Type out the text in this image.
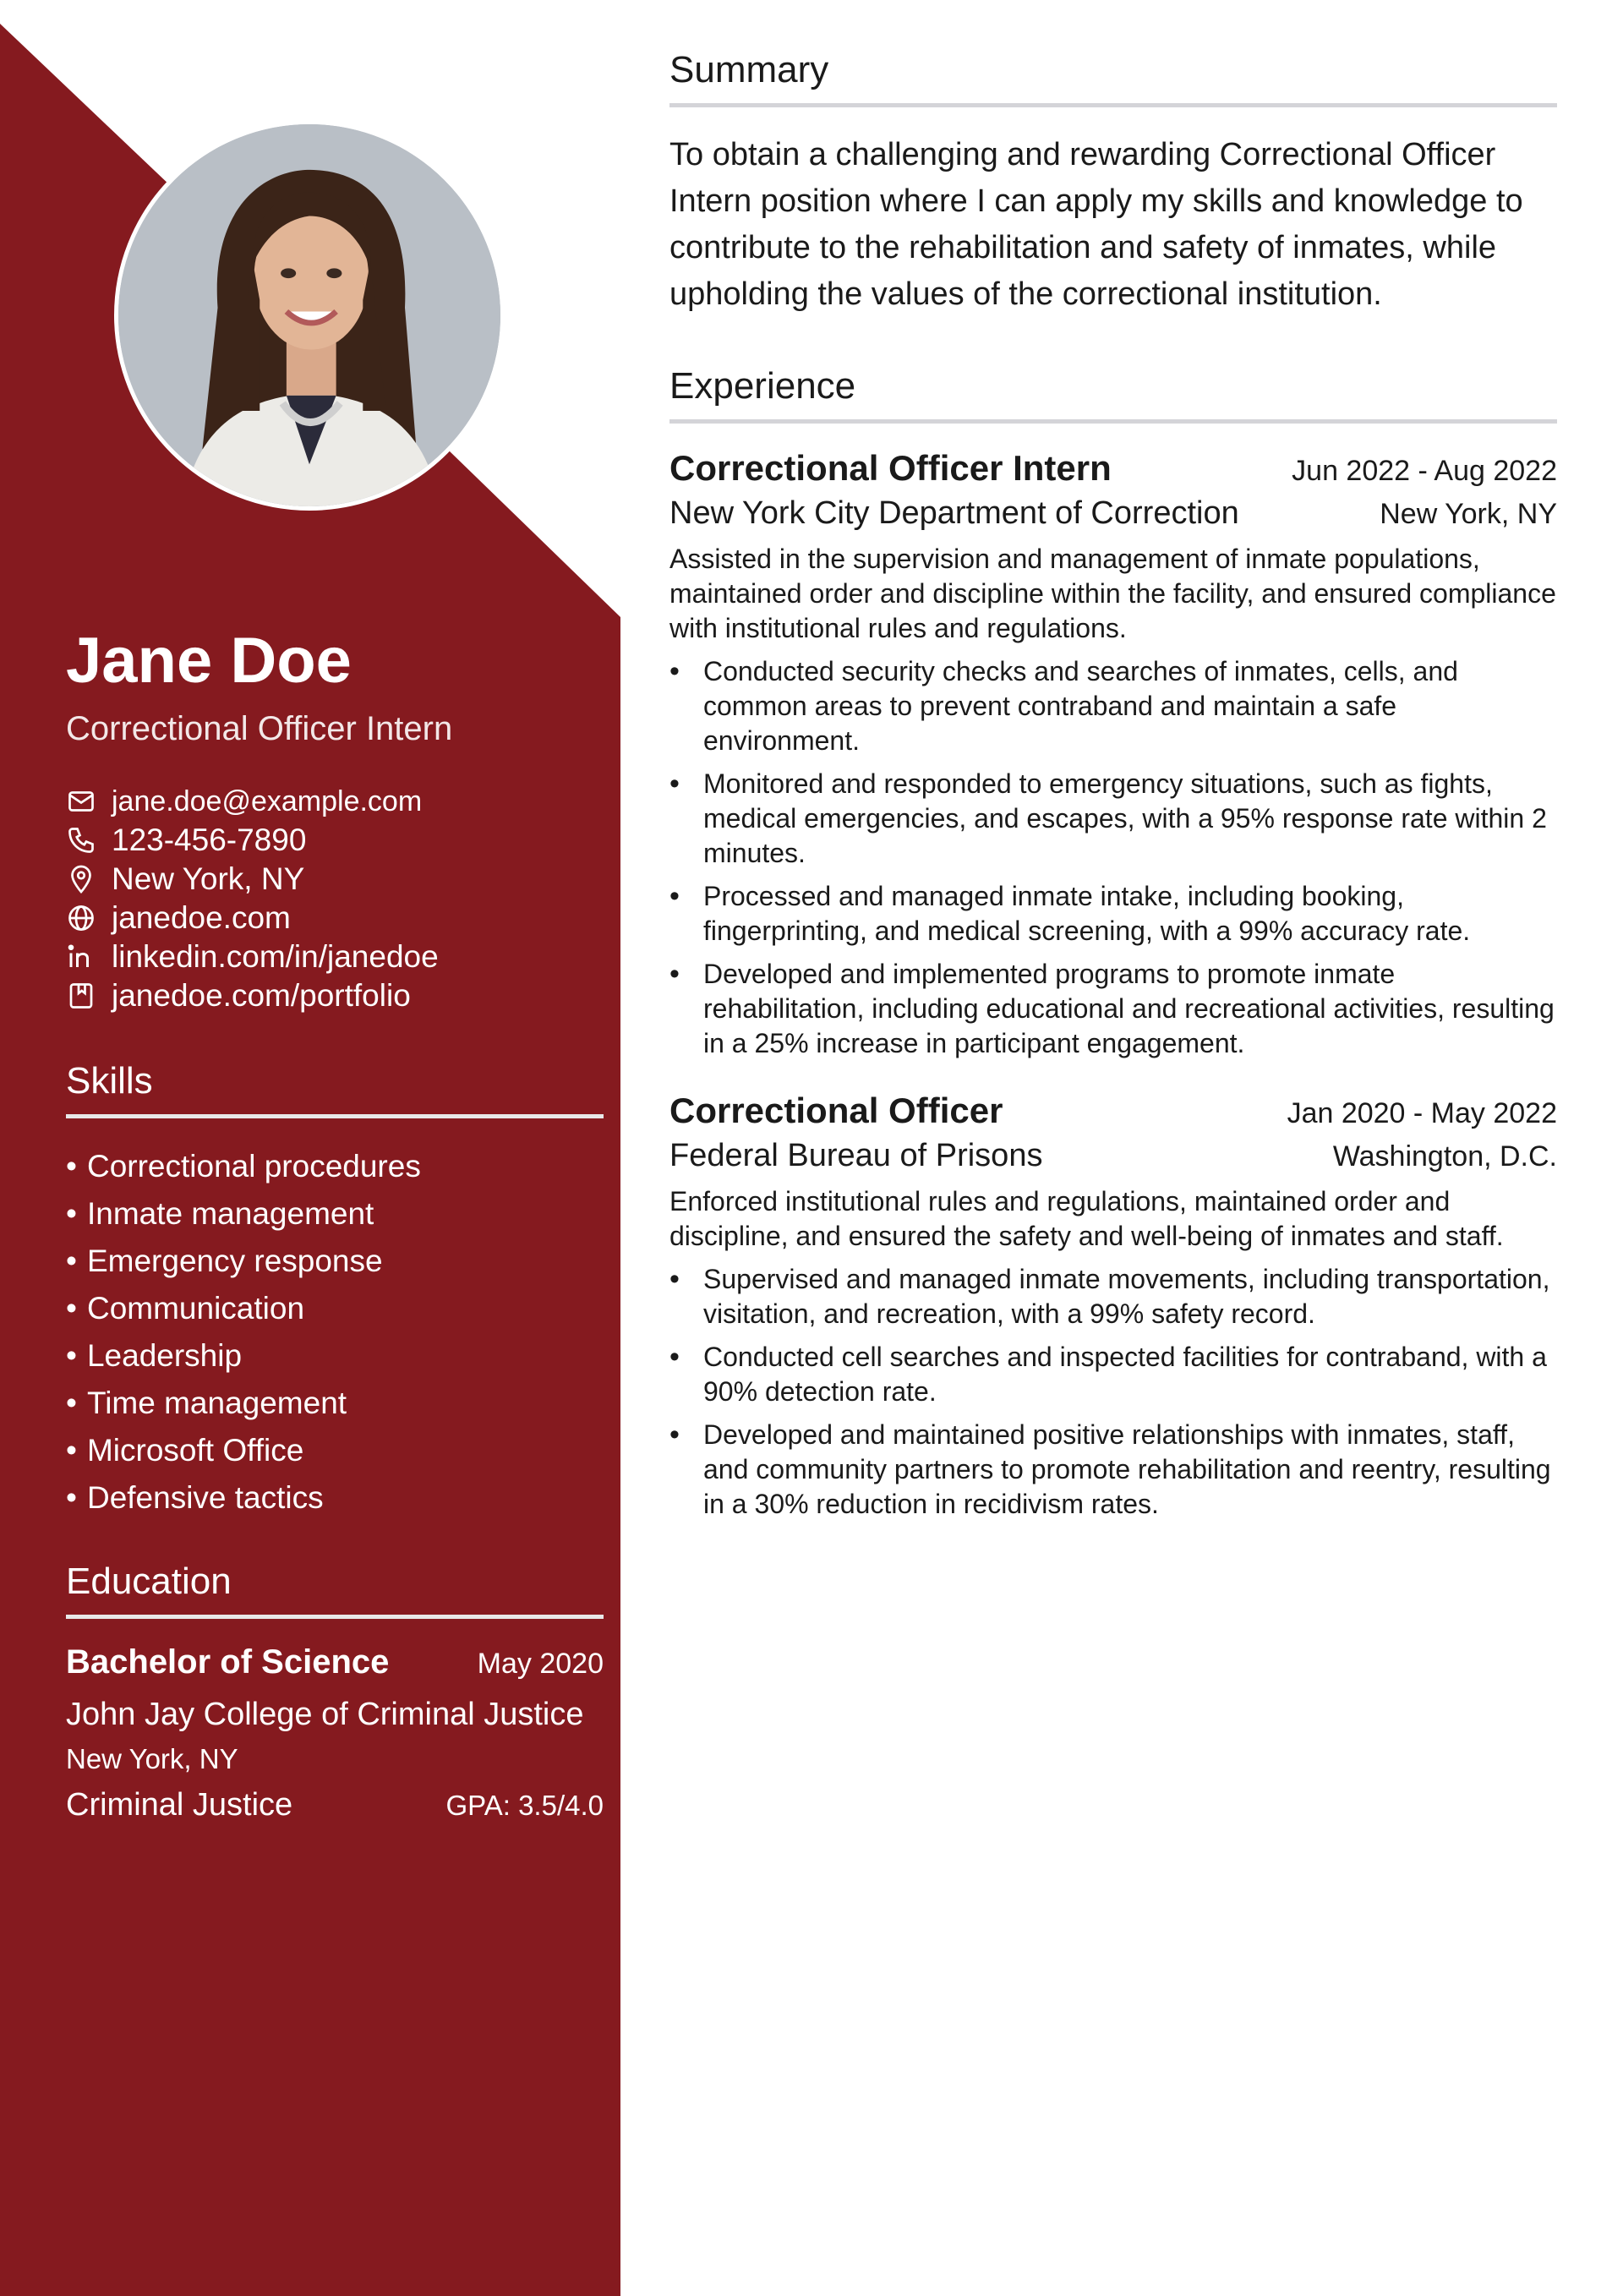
Jane Doe
Correctional Officer Intern
jane.doe@example.com
123-456-7890
New York, NY
janedoe.com
linkedin.com/in/janedoe
janedoe.com/portfolio
Skills
• Correctional procedures
• Inmate management
• Emergency response
• Communication
• Leadership
• Time management
• Microsoft Office
• Defensive tactics
Education
Bachelor of Science	May 2020
John Jay College of Criminal Justice
New York, NY
Criminal Justice	GPA: 3.5/4.0
Summary
To obtain a challenging and rewarding Correctional Officer Intern position where I can apply my skills and knowledge to contribute to the rehabilitation and safety of inmates, while upholding the values of the correctional institution.
Experience
Correctional Officer Intern	Jun 2022 - Aug 2022
New York City Department of Correction	New York, NY
Assisted in the supervision and management of inmate populations, maintained order and discipline within the facility, and ensured compliance with institutional rules and regulations.
• Conducted security checks and searches of inmates, cells, and common areas to prevent contraband and maintain a safe environment.
• Monitored and responded to emergency situations, such as fights, medical emergencies, and escapes, with a 95% response rate within 2 minutes.
• Processed and managed inmate intake, including booking, fingerprinting, and medical screening, with a 99% accuracy rate.
• Developed and implemented programs to promote inmate rehabilitation, including educational and recreational activities, resulting in a 25% increase in participant engagement.
Correctional Officer	Jan 2020 - May 2022
Federal Bureau of Prisons	Washington, D.C.
Enforced institutional rules and regulations, maintained order and discipline, and ensured the safety and well-being of inmates and staff.
• Supervised and managed inmate movements, including transportation, visitation, and recreation, with a 99% safety record.
• Conducted cell searches and inspected facilities for contraband, with a 90% detection rate.
• Developed and maintained positive relationships with inmates, staff, and community partners to promote rehabilitation and reentry, resulting in a 30% reduction in recidivism rates.
